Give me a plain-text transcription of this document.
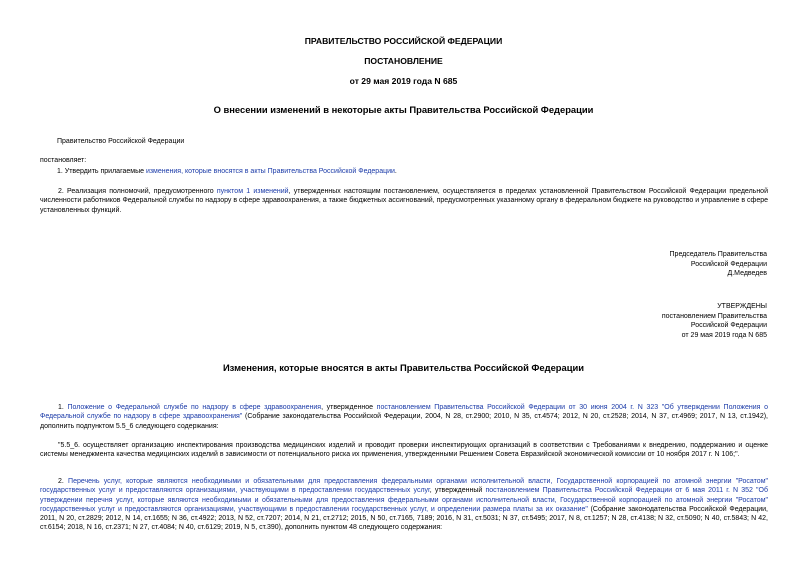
ПРАВИТЕЛЬСТВО РОССИЙСКОЙ ФЕДЕРАЦИИ
ПОСТАНОВЛЕНИЕ
от 29 мая 2019 года N 685
О внесении изменений в некоторые акты Правительства Российской Федерации
Правительство Российской Федерации
постановляет:
1. Утвердить прилагаемые изменения, которые вносятся в акты Правительства Российской Федерации.
2. Реализация полномочий, предусмотренного пунктом 1 изменений, утвержденных настоящим постановлением, осуществляется в пределах установленной Правительством Российской Федерации предельной численности работников Федеральной службы по надзору в сфере здравоохранения, а также бюджетных ассигнований, предусмотренных указанному органу в федеральном бюджете на руководство и управление в сфере установленных функций.
Председатель Правительства
Российской Федерации
Д.Медведев
УТВЕРЖДЕНЫ
постановлением Правительства
Российской Федерации
от 29 мая 2019 года N 685
Изменения, которые вносятся в акты Правительства Российской Федерации
1. Положение о Федеральной службе по надзору в сфере здравоохранения, утвержденное постановлением Правительства Российской Федерации от 30 июня 2004 г. N 323 "Об утверждении Положения о Федеральной службе по надзору в сфере здравоохранения" (Собрание законодательства Российской Федерации, 2004, N 28, ст.2900; 2010, N 35, ст.4574; 2012, N 20, ст.2528; 2014, N 37, ст.4969; 2017, N 13, ст.1942), дополнить подпунктом 5.5_6 следующего содержания:
"5.5_6. осуществляет организацию инспектирования производства медицинских изделий и проводит проверки инспектирующих организаций в соответствии с Требованиями к внедрению, поддержанию и оценке системы менеджмента качества медицинских изделий в зависимости от потенциального риска их применения, утвержденными Решением Совета Евразийской экономической комиссии от 10 ноября 2017 г. N 106;".
2. Перечень услуг, которые являются необходимыми и обязательными для предоставления федеральными органами исполнительной власти, Государственной корпорацией по атомной энергии "Росатом" государственных услуг и предоставляются организациями, участвующими в предоставлении государственных услуг, утвержденный постановлением Правительства Российской Федерации от 6 мая 2011 г. N 352 "Об утверждении перечня услуг, которые являются необходимыми и обязательными для предоставления федеральными органами исполнительной власти, Государственной корпорацией по атомной энергии "Росатом" государственных услуг и предоставляются организациями, участвующими в предоставлении государственных услуг, и определении размера платы за их оказание" (Собрание законодательства Российской Федерации, 2011, N 20, ст.2829; 2012, N 14, ст.1655; N 36, ст.4922; 2013, N 52, ст.7207; 2014, N 21, ст.2712; 2015, N 50, ст.7165, 7189; 2016, N 31, ст.5031; N 37, ст.5495; 2017, N 8, ст.1257; N 28, ст.4138; N 32, ст.5090; N 40, ст.5843; N 42, ст.6154; 2018, N 16, ст.2371; N 27, ст.4084; N 40, ст.6129; 2019, N 5, ст.390), дополнить пунктом 48 следующего содержания:
